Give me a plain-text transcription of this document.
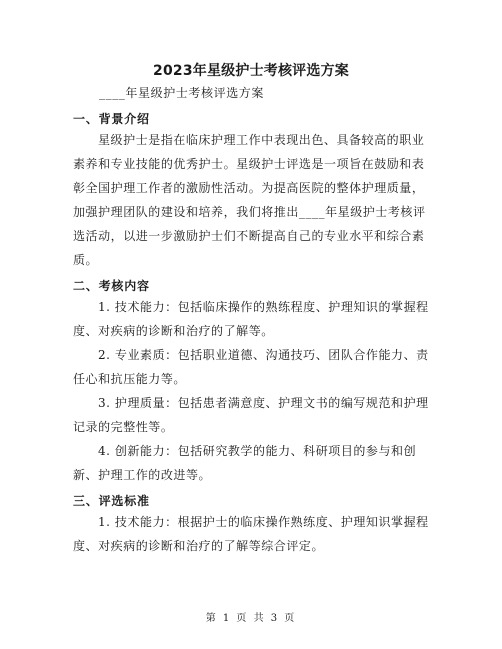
2023年星级护士考核评选方案
____年星级护士考核评选方案
一、背景介绍
星级护士是指在临床护理工作中表现出色、具备较高的职业素养和专业技能的优秀护士。星级护士评选是一项旨在鼓励和表彰全国护理工作者的激励性活动。为提高医院的整体护理质量，加强护理团队的建设和培养，我们将推出____年星级护士考核评选活动，以进一步激励护士们不断提高自己的专业水平和综合素质。
二、考核内容
1. 技术能力：包括临床操作的熟练程度、护理知识的掌握程度、对疾病的诊断和治疗的了解等。
2. 专业素质：包括职业道德、沟通技巧、团队合作能力、责任心和抗压能力等。
3. 护理质量：包括患者满意度、护理文书的编写规范和护理记录的完整性等。
4. 创新能力：包括研究教学的能力、科研项目的参与和创新、护理工作的改进等。
三、评选标准
1. 技术能力：根据护士的临床操作熟练度、护理知识掌握程度、对疾病的诊断和治疗的了解等综合评定。
第 1 页 共 3 页
